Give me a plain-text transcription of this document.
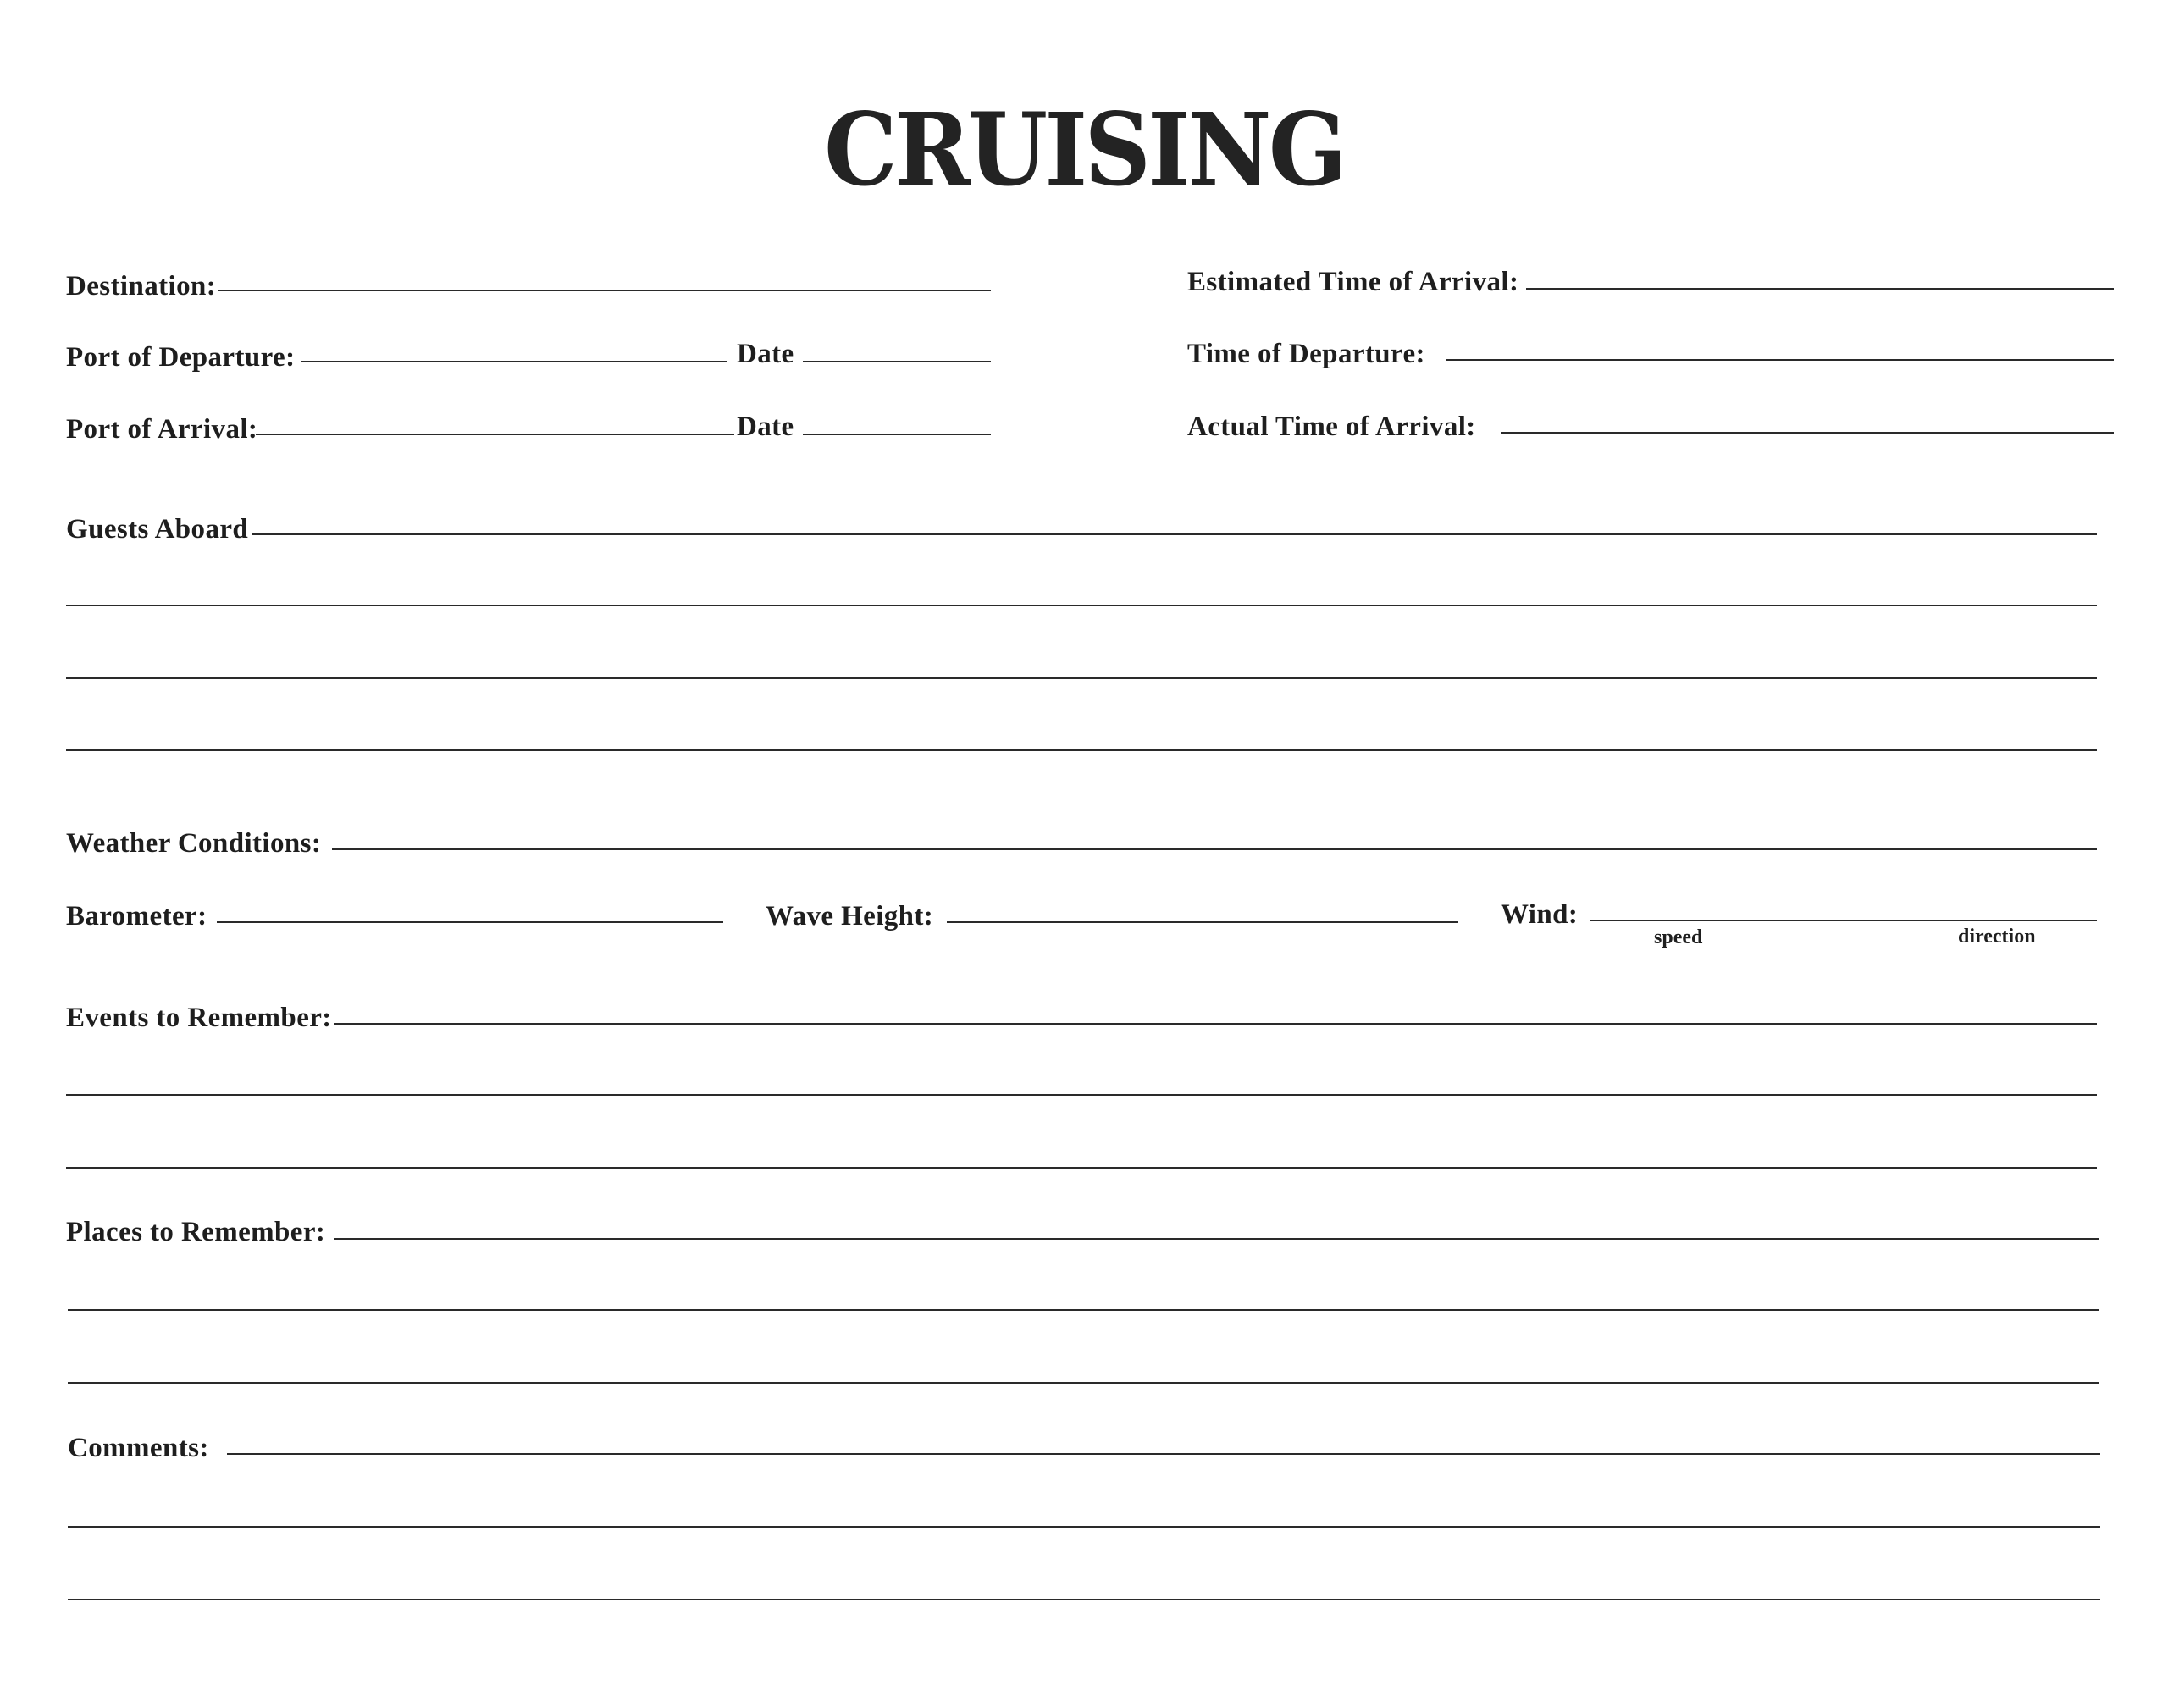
CRUISING
Destination:
Port of Departure:	Date
Port of Arrival:	Date
Estimated Time of Arrival:
Time of Departure:
Actual Time of Arrival:
Guests Aboard
Weather Conditions:
Barometer:	Wave Height:	Wind:
speed	direction
Events to Remember:
Places to Remember:
Comments:
